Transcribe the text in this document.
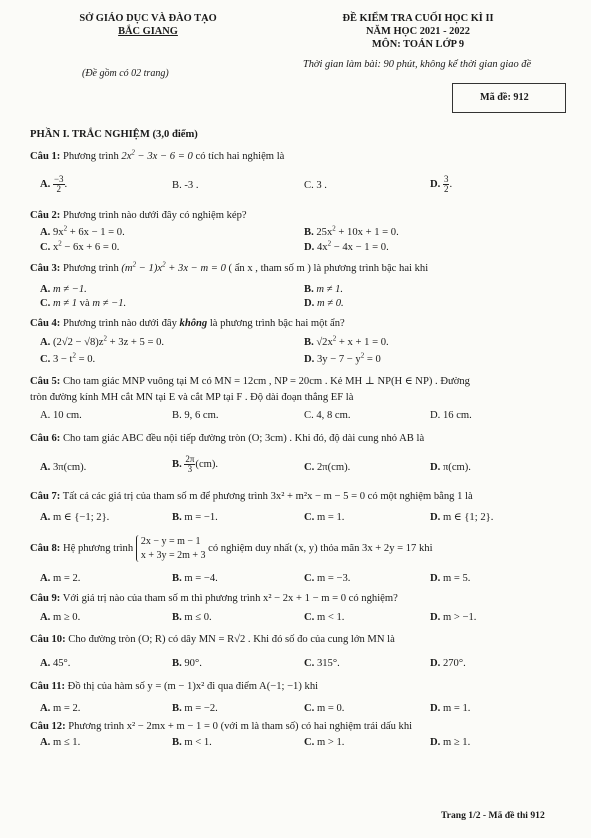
SỞ GIÁO DỤC VÀ ĐÀO TẠO
BẮC GIANG
(Đề gồm có 02 trang)
ĐỀ KIỂM TRA CUỐI HỌC KÌ II
NĂM HỌC 2021 - 2022
MÔN: TOÁN LỚP 9
Thời gian làm bài: 90 phút, không kể thời gian giao đề
Mã đề: 912
PHẦN I. TRẮC NGHIỆM (3,0 điểm)
Câu 1: Phương trình $2x^2 - 3x - 6 = 0$ có tích hai nghiệm là
A. $\frac{-3}{2}$ .	B. -3 .	C. 3 .	D. $\frac{3}{2}$ .
Câu 2: Phương trình nào dưới đây có nghiệm kép?
A. $9x^2 + 6x - 1 = 0$.	B. $25x^2 + 10x + 1 = 0$.
C. $x^2 - 6x + 6 = 0$.	D. $4x^2 - 4x - 1 = 0$.
Câu 3: Phương trình $(m^2 - 1)x^2 + 3x - m = 0$ ( ẩn x , tham số m ) là phương trình bậc hai khi
A. m ≠ −1.	B. m ≠ 1.
C. m ≠ 1 và m ≠ −1.	D. m ≠ 0.
Câu 4: Phương trình nào dưới đây không là phương trình bậc hai một ẩn?
A. $(2√2 - √8)z^2 + 3z + 5 = 0$.	B. $√2x^2 + x + 1 = 0$.
C. $3 - t^2 = 0$.	D. $3y - 7 - y^2 = 0$
Câu 5: Cho tam giác MNP vuông tại M có MN = 12cm , NP = 20cm . Kẻ MH ⊥ NP(H ∈ NP) . Đường
tròn đường kính MH cắt MN tại E và cắt MP tại F . Độ dài đoạn thẳng EF là
A. 10 cm.	B. 9, 6 cm.	C. 4, 8 cm.	D. 16 cm.
Câu 6: Cho tam giác ABC đều nội tiếp đường tròn (O; 3cm) . Khi đó, độ dài cung nhỏ AB là
A. 3π(cm).	B. $\frac{2\pi}{3} (cm)$.	C. 2π(cm).	D. π(cm).
Câu 7: Tất cả các giá trị của tham số m để phương trình 3x² + m²x − m − 5 = 0 có một nghiệm bằng 1 là
A. m ∈ {−1; 2}.	B. m = −1.	C. m = 1.	D. m ∈ {1; 2}.
Câu 8: Hệ phương trình 2x − y = m − 1
x + 3y = 2m + 3 có nghiệm duy nhất (x, y) thỏa mãn 3x + 2y = 17 khi
A. m = 2.	B. m = −4.	C. m = −3.	D. m = 5.
Câu 9: Với giá trị nào của tham số m thì phương trình x² − 2x + 1 − m = 0 có nghiệm?
A. m ≥ 0.	B. m ≤ 0.	C. m < 1.	D. m > −1.
Câu 10: Cho đường tròn (O; R) có dây MN = R√2 . Khi đó số đo của cung lớn MN là
A. 45°.	B. 90°.	C. 315°.	D. 270°.
Câu 11: Đồ thị của hàm số y = (m − 1)x² đi qua điểm A(−1; −1) khi
A. m = 2.	B. m = −2.	C. m = 0.	D. m = 1.
Câu 12: Phương trình x² − 2mx + m − 1 = 0 (với m là tham số) có hai nghiệm trái dấu khi
A. m ≤ 1.	B. m < 1.	C. m > 1.	D. m ≥ 1.
Trang 1/2 - Mã đề thi 912
